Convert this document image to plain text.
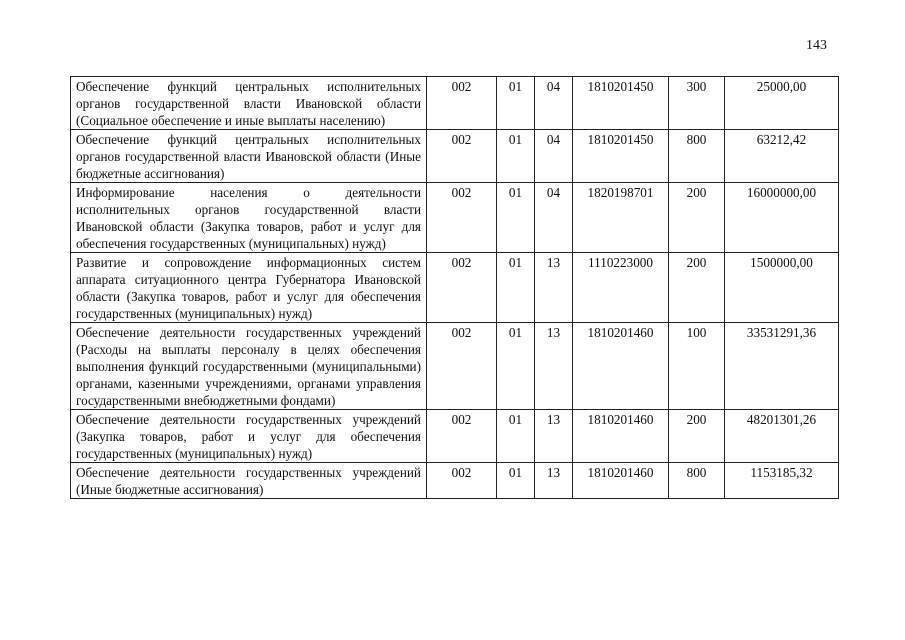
143
Обеспечение функций центральных исполнительных органов государственной власти Ивановской области (Социальное обеспечение и иные выплаты населению)	002	01	04	1810201450	300	25000,00
Обеспечение функций центральных исполнительных органов государственной власти Ивановской области (Иные бюджетные ассигнования)	002	01	04	1810201450	800	63212,42
Информирование населения о деятельности исполнительных органов государственной власти Ивановской области (Закупка товаров, работ и услуг для обеспечения государственных (муниципальных) нужд)	002	01	04	1820198701	200	16000000,00
Развитие и сопровождение информационных систем аппарата ситуационного центра Губернатора Ивановской области (Закупка товаров, работ и услуг для обеспечения государственных (муниципальных) нужд)	002	01	13	1110223000	200	1500000,00
Обеспечение деятельности государственных учреждений (Расходы на выплаты персоналу в целях обеспечения выполнения функций государственными (муниципальными) органами, казенными учреждениями, органами управления государственными внебюджетными фондами)	002	01	13	1810201460	100	33531291,36
Обеспечение деятельности государственных учреждений (Закупка товаров, работ и услуг для обеспечения государственных (муниципальных) нужд)	002	01	13	1810201460	200	48201301,26
Обеспечение деятельности государственных учреждений (Иные бюджетные ассигнования)	002	01	13	1810201460	800	1153185,32
